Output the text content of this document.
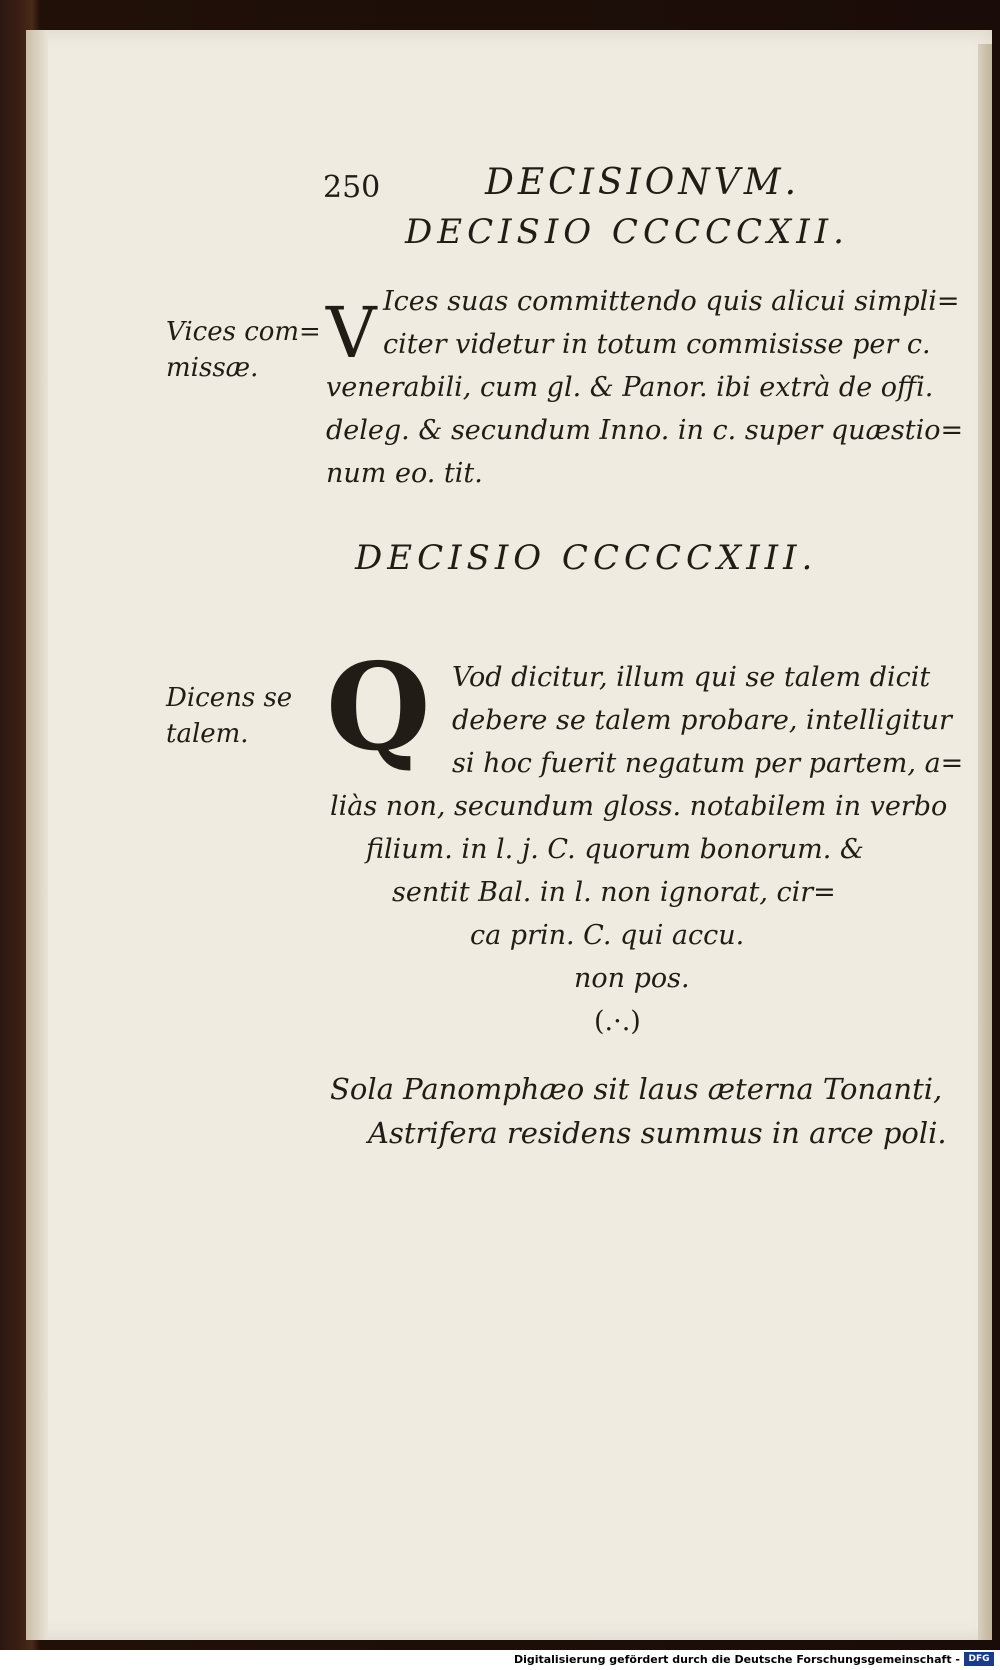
250	DECISIONVM.
DECISIO CCCCCXII.
Vices com=
missæ. V Ices suas committendo quis alicui simpli=
citer videtur in totum commisisse per c.
venerabili, cum gl. & Panor. ibi extrà de offi.
deleg. & secundum Inno. in c. super quæstio=
num eo. tit.
DECISIO CCCCCXIII.
Dicens se
talem. Q Vod dicitur, illum qui se talem dicit
debere se talem probare, intelligitur
si hoc fuerit negatum per partem, a=
liàs non, secundum gloss. notabilem in verbo
filium. in l. j. C. quorum bonorum. &
sentit Bal. in l. non ignorat, cir=
ca prin. C. qui accu.
non pos.
(.·.)
Sola Panomphæo sit laus æterna Tonanti,
Astrifera residens summus in arce poli.
Digitalisierung gefördert durch die Deutsche Forschungsgemeinschaft - DFG
